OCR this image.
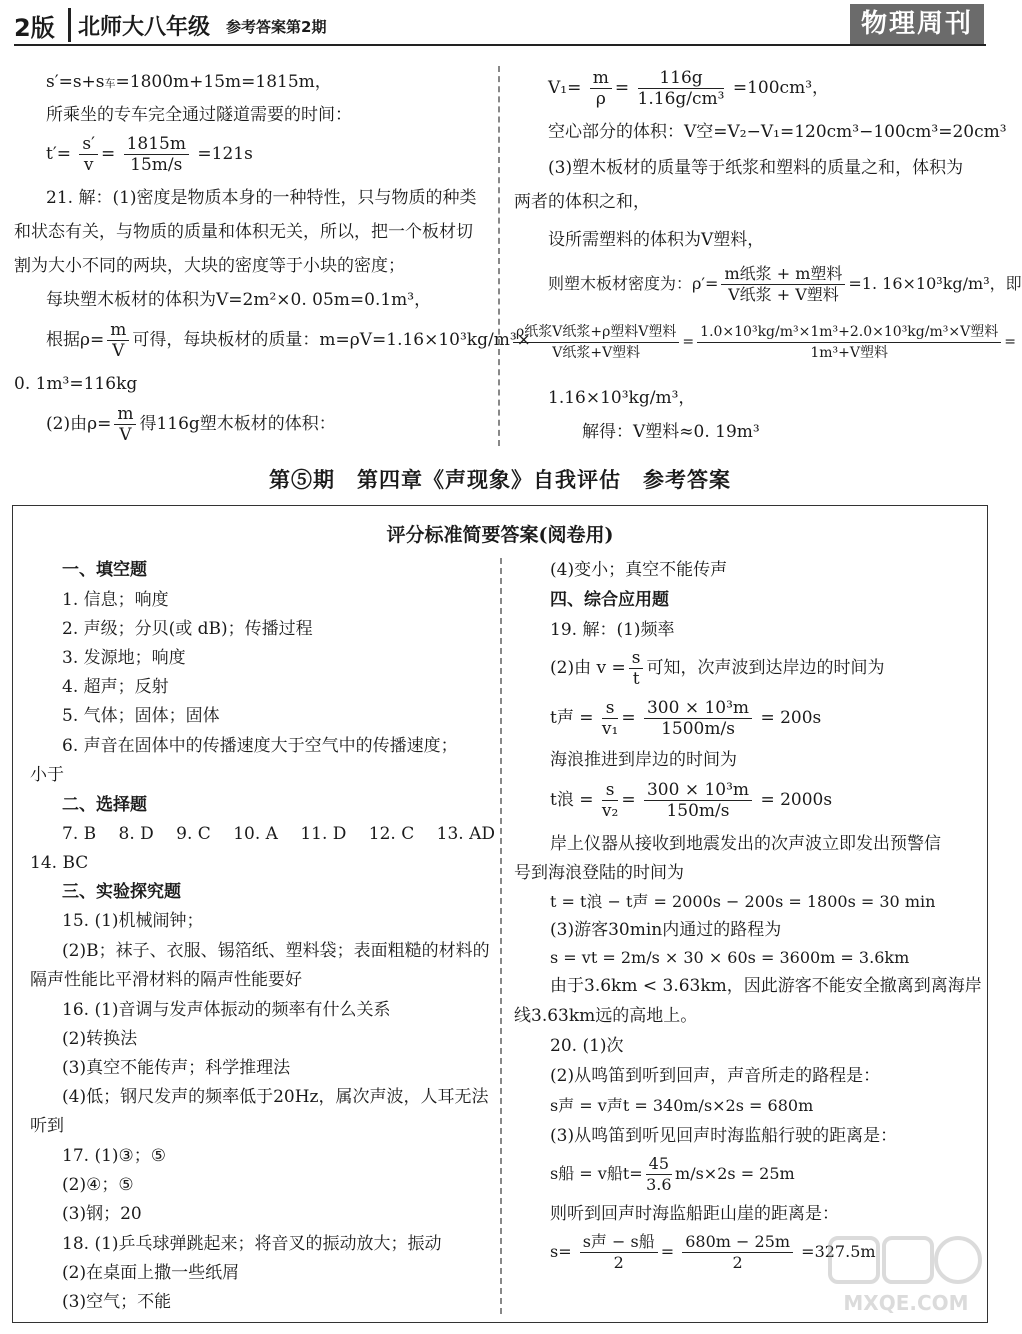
2版 北师大八年级 参考答案第2期	物理周刊
s′=s+s车=1800m+15m=1815m，
所乘坐的专车完全通过隧道需要的时间：
$t'= \frac{s'}{v} = \frac{1815m}{15m/s} =121s$
21. 解：(1)密度是物质本身的一种特性，只与物质的种类
和状态有关，与物质的质量和体积无关，所以，把一个板材切
割为大小不同的两块，大块的密度等于小块的密度；
每块塑木板材的体积为V=2m²×0. 05m=0.1m³，
根据$\rho= \frac{m}{V}$ 可得，每块板材的质量：m=ρV=1.16×10³kg/m³×
0. 1m³=116kg
(2)由$\rho= \frac{m}{V}$ 得116g塑木板材的体积：
$V_1= \frac{m}{\rho} = \frac{116g}{\text{1.16g/cm³}} =100cm^3$，
空心部分的体积：V空=V₂−V₁=120cm³−100cm³=20cm³
(3)塑木板材的质量等于纸浆和塑料的质量之和，体积为
两者的体积之和，
设所需塑料的体积为V塑料，
则塑木板材密度为：$\rho'= \frac{\text{m纸浆 + m塑料}}{\text{V纸浆 + V塑料}} =1$. 16×10³kg/m³，即
$\frac{\text{ρ纸浆V纸浆+ρ塑料V塑料}}{\text{V纸浆+V塑料}} = \frac{\text{1.0×10³kg/m³×1m³+2.0×10³kg/m³×V塑料}}{\text{1m³+V塑料}}$ =
1.16×10³kg/m³，
解得：V塑料≈0. 19m³
第⑤期　第四章《声现象》自我评估　参考答案
评分标准简要答案(阅卷用)
一、填空题
1. 信息；响度
2. 声级；分贝(或 dB)；传播过程
3. 发源地；响度
4. 超声；反射
5. 气体；固体；固体
6. 声音在固体中的传播速度大于空气中的传播速度；
小于
二、选择题
7. B　 8. D　 9. C　 10. A　 11. D　 12. C　 13. AD
14. BC
三、实验探究题
15. (1)机械闹钟；
(2)B；袜子、衣服、锡箔纸、塑料袋；表面粗糙的材料的
隔声性能比平滑材料的隔声性能要好
16. (1)音调与发声体振动的频率有什么关系
(2)转换法
(3)真空不能传声；科学推理法
(4)低；钢尺发声的频率低于20Hz，属次声波，人耳无法
听到
17. (1)③；⑤
(2)④；⑤
(3)钢；20
18. (1)乒乓球弹跳起来；将音叉的振动放大；振动
(2)在桌面上撒一些纸屑
(3)空气；不能
(4)变小；真空不能传声
四、综合应用题
19. 解：(1)频率
(2)由 $v = \frac{s}{t}$ 可知，次声波到达岸边的时间为
t声 = $\frac{s}{\text{v₁}} = \frac{\text{300 × 10³m}}{1500m/s} = 200s$
海浪推进到岸边的时间为
t浪 = $\frac{s}{\text{v₂}} = \frac{\text{300 × 10³m}}{150m/s} = 2000s$
岸上仪器从接收到地震发出的次声波立即发出预警信
号到海浪登陆的时间为
t = t浪 − t声 = 2000s − 200s = 1800s = 30 min
(3)游客30min内通过的路程为
s = vt = 2m/s × 30 × 60s = 3600m = 3.6km
由于3.6km < 3.63km，因此游客不能安全撤离到离海岸
线3.63km远的高地上。
20. (1)次
(2)从鸣笛到听到回声，声音所走的路程是：
s声 = v声t = 340m/s×2s = 680m
(3)从鸣笛到听见回声时海监船行驶的距离是：
s船 = v船$t= \frac{45}{3.6} m/s\times 2s = 25m$
则听到回声时海监船距山崖的距离是：
$s= \frac{\text{s声 − s船}}{2} = \frac{680m - 25m}{2} =327.5m$
MXQE.COM
